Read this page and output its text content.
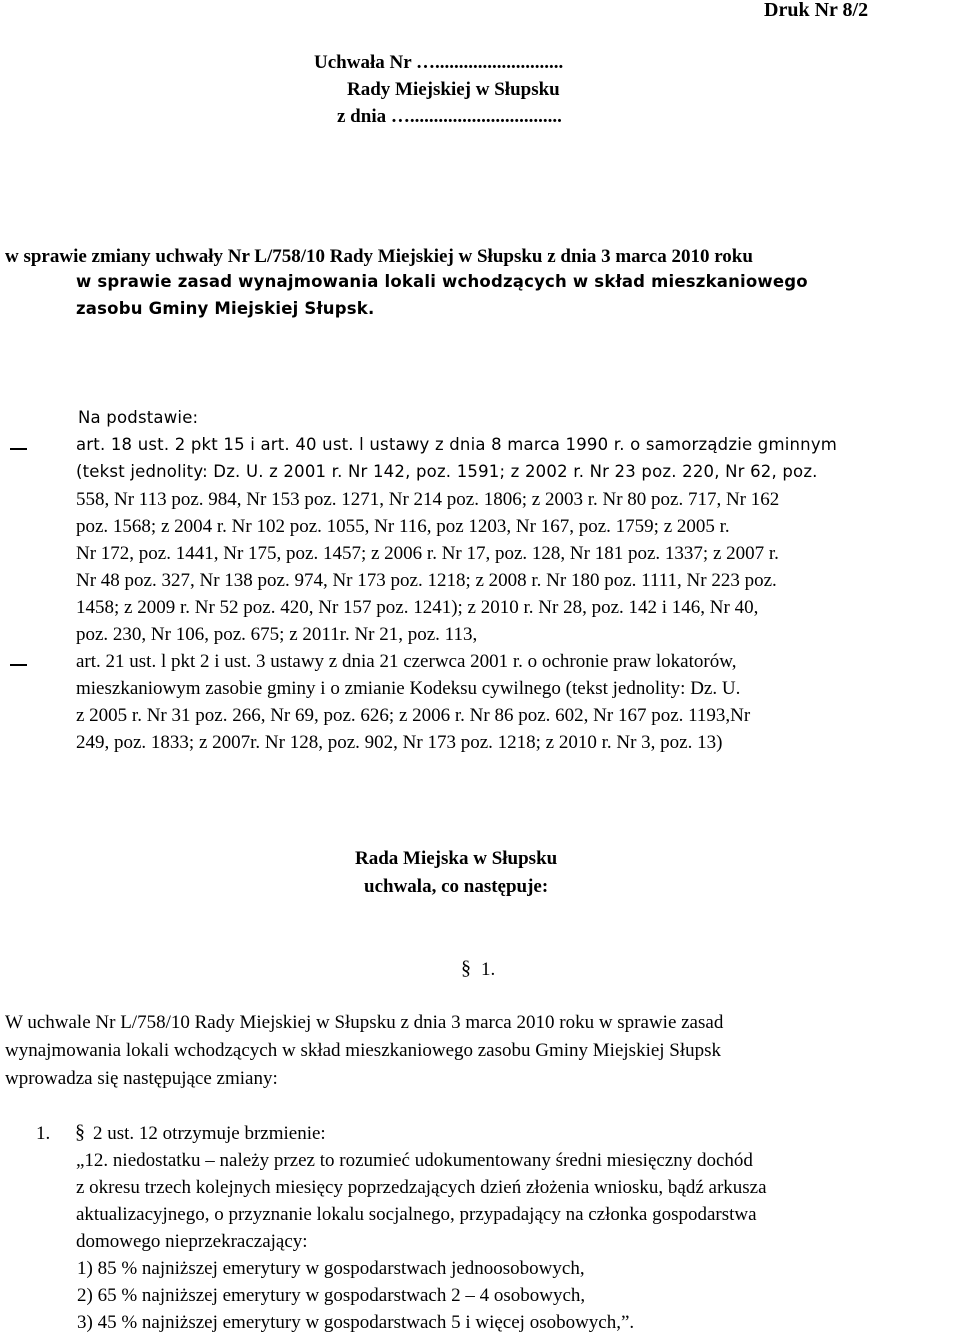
Druk Nr 8/2
Uchwała Nr …...........................
Rady Miejskiej w Słupsku
z dnia …................................
w sprawie zmiany uchwały Nr L/758/10 Rady Miejskiej w Słupsku z dnia 3 marca 2010 roku
w sprawie zasad wynajmowania lokali wchodzących w skład mieszkaniowego
zasobu Gminy Miejskiej Słupsk.
Na podstawie:
art. 18 ust. 2 pkt 15 i art. 40 ust. l ustawy z dnia 8 marca 1990 r. o samorządzie gminnym
(tekst jednolity: Dz. U. z 2001 r. Nr 142, poz. 1591; z 2002 r. Nr 23 poz. 220, Nr 62, poz.
558, Nr 113 poz. 984, Nr 153 poz. 1271, Nr 214 poz. 1806; z 2003 r. Nr 80 poz. 717, Nr 162
poz. 1568; z 2004 r. Nr 102 poz. 1055, Nr 116, poz 1203, Nr 167, poz. 1759; z 2005 r.
Nr 172, poz. 1441, Nr 175, poz. 1457; z 2006 r. Nr 17, poz. 128, Nr 181 poz. 1337; z 2007 r.
Nr 48 poz. 327, Nr 138 poz. 974, Nr 173 poz. 1218; z 2008 r. Nr 180 poz. 1111, Nr 223 poz.
1458; z 2009 r. Nr 52 poz. 420, Nr 157 poz. 1241); z 2010 r. Nr 28, poz. 142 i 146, Nr 40,
poz. 230, Nr 106, poz. 675; z 2011r. Nr 21, poz. 113,
art. 21 ust. l pkt 2 i ust. 3 ustawy z dnia 21 czerwca 2001 r. o ochronie praw lokatorów,
mieszkaniowym zasobie gminy i o zmianie Kodeksu cywilnego (tekst jednolity: Dz. U.
z 2005 r. Nr 31 poz. 266, Nr 69, poz. 626; z 2006 r. Nr 86 poz. 602, Nr 167 poz. 1193,Nr
249, poz. 1833; z 2007r. Nr 128, poz. 902, Nr 173 poz. 1218; z 2010 r. Nr 3, poz. 13)
Rada Miejska w Słupsku
uchwala, co następuje:
§ 1.
W uchwale Nr L/758/10 Rady Miejskiej w Słupsku z dnia 3 marca 2010 roku w sprawie zasad
wynajmowania lokali wchodzących w skład mieszkaniowego zasobu Gminy Miejskiej Słupsk
wprowadza się następujące zmiany:
1. § 2 ust. 12 otrzymuje brzmienie:
„12. niedostatku – należy przez to rozumieć udokumentowany średni miesięczny dochód
z okresu trzech kolejnych miesięcy poprzedzających dzień złożenia wniosku, bądź arkusza
aktualizacyjnego, o przyznanie lokalu socjalnego, przypadający na członka gospodarstwa
domowego nieprzekraczający:
1) 85 % najniższej emerytury w gospodarstwach jednoosobowych,
2) 65 % najniższej emerytury w gospodarstwach 2 – 4 osobowych,
3) 45 % najniższej emerytury w gospodarstwach 5 i więcej osobowych,”.
